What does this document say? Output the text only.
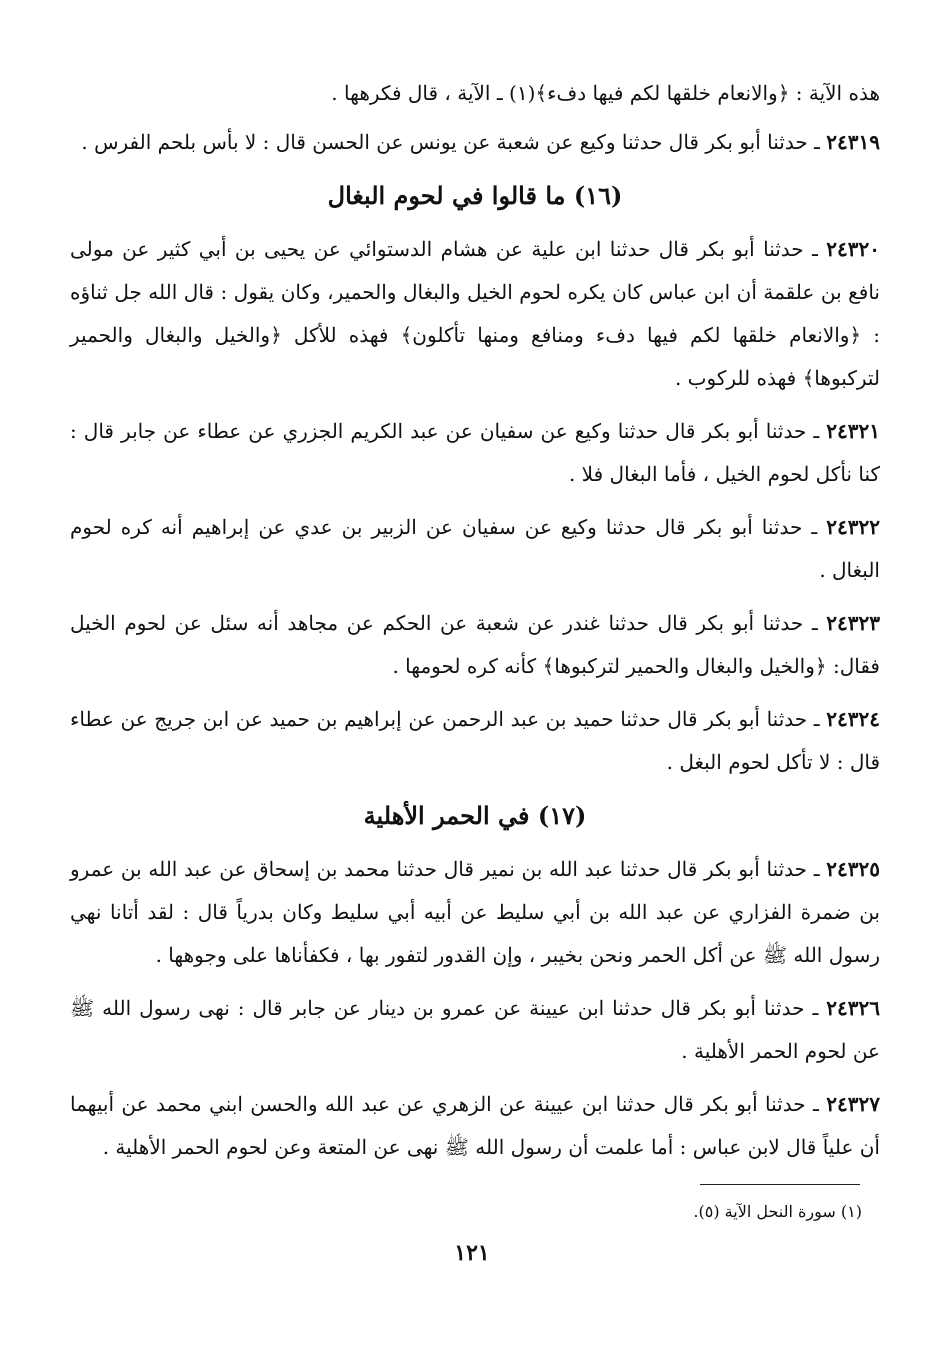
هذه الآية : ﴿والانعام خلقها لكم فيها دفء﴾(١) ـ الآية ، قال فكرهها .

٢٤٣١٩ ـ حدثنا أبو بكر قال حدثنا وكيع عن شعبة عن يونس عن الحسن قال : لا بأس بلحم الفرس .

(١٦) ما قالوا في لحوم البغال

٢٤٣٢٠ ـ حدثنا أبو بكر قال حدثنا ابن علية عن هشام الدستوائي عن يحيى بن أبي كثير عن مولى نافع بن علقمة أن ابن عباس كان يكره لحوم الخيل والبغال والحمير، وكان يقول : قال الله جل ثناؤه : ﴿والانعام خلقها لكم فيها دفء ومنافع ومنها تأكلون﴾ فهذه للأكل ﴿والخيل والبغال والحمير لتركبوها﴾ فهذه للركوب .

٢٤٣٢١ ـ حدثنا أبو بكر قال حدثنا وكيع عن سفيان عن عبد الكريم الجزري عن عطاء عن جابر قال : كنا نأكل لحوم الخيل ، فأما البغال فلا .

٢٤٣٢٢ ـ حدثنا أبو بكر قال حدثنا وكيع عن سفيان عن الزبير بن عدي عن إبراهيم أنه كره لحوم البغال .

٢٤٣٢٣ ـ حدثنا أبو بكر قال حدثنا غندر عن شعبة عن الحكم عن مجاهد أنه سئل عن لحوم الخيل فقال: ﴿والخيل والبغال والحمير لتركبوها﴾ كأنه كره لحومها .

٢٤٣٢٤ ـ حدثنا أبو بكر قال حدثنا حميد بن عبد الرحمن عن إبراهيم بن حميد عن ابن جريج عن عطاء قال : لا تأكل لحوم البغل .

(١٧) في الحمر الأهلية

٢٤٣٢٥ ـ حدثنا أبو بكر قال حدثنا عبد الله بن نمير قال حدثنا محمد بن إسحاق عن عبد الله بن عمرو بن ضمرة الفزاري عن عبد الله بن أبي سليط عن أبيه أبي سليط وكان بدرياً قال : لقد أتانا نهي رسول الله ﷺ عن أكل الحمر ونحن بخيبر ، وإن القدور لتفور بها ، فكفأناها على وجوهها .

٢٤٣٢٦ ـ حدثنا أبو بكر قال حدثنا ابن عيينة عن عمرو بن دينار عن جابر قال : نهى رسول الله ﷺ عن لحوم الحمر الأهلية .

٢٤٣٢٧ ـ حدثنا أبو بكر قال حدثنا ابن عيينة عن الزهري عن عبد الله والحسن ابني محمد عن أبيهما أن علياً قال لابن عباس : أما علمت أن رسول الله ﷺ نهى عن المتعة وعن لحوم الحمر الأهلية .

(١) سورة النحل الآية (٥).
١٢١
